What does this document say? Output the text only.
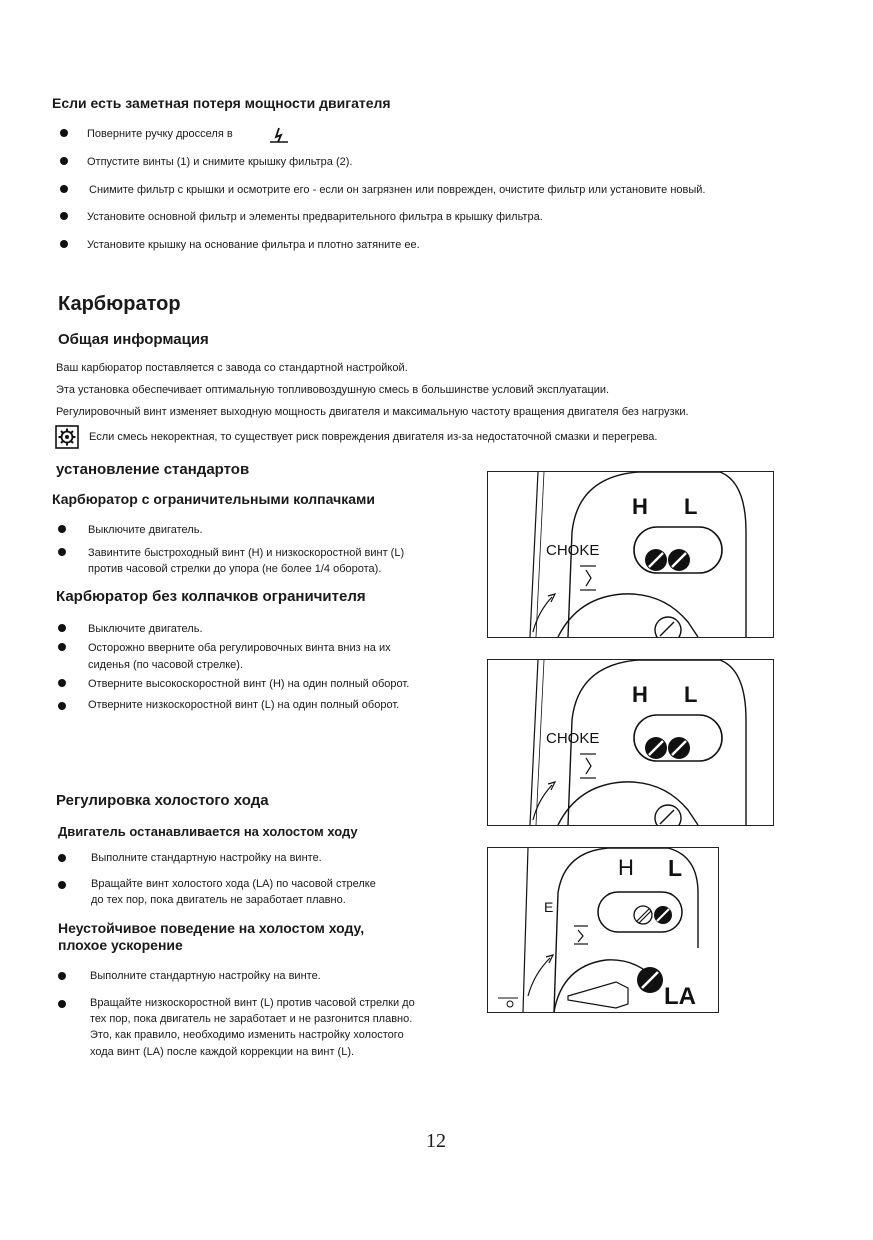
Если есть заметная потеря мощности двигателя
Поверните ручку дросселя в
Отпустите винты (1) и снимите крышку фильтра (2).
Снимите фильтр с крышки и осмотрите его - если он загрязнен или поврежден, очистите фильтр или установите новый.
Установите основной фильтр и элементы предварительного фильтра в крышку фильтра.
Установите крышку на основание фильтра и плотно затяните ее.
Карбюратор
Общая информация
Ваш карбюратор поставляется с завода со стандартной настройкой.
Эта установка обеспечивает оптимальную топливовоздушную смесь в большинстве условий эксплуатации.
Регулировочный винт изменяет выходную мощность двигателя и максимальную частоту вращения двигателя без нагрузки.
Если смесь некоректная, то существует риск повреждения двигателя из-за недостаточной смазки и перегрева.
установление стандартов
Карбюратор с ограничительными колпачками
Выключите двигатель.
Завинтите быстроходный винт (H) и низкоскоростной винт (L)
против часовой стрелки до упора (не более 1/4 оборота).
Карбюратор без колпачков ограничителя
Выключите двигатель.
Осторожно вверните оба регулировочных винта вниз на их
сиденья (по часовой стрелке).
Отверните высокоскоростной винт (H) на один полный оборот.
Отверните низкоскоростной винт (L) на один полный оборот.
Регулировка холостого хода
Двигатель останавливается на холостом ходу
Выполните стандартную настройку на винте.
Вращайте винт холостого хода (LA) по часовой стрелке
до тех пор, пока двигатель не заработает плавно.
Неустойчивое поведение на холостом ходу,
плохое ускорение
Выполните стандартную настройку на винте.
Вращайте низкоскоростной винт (L) против часовой стрелки до
тех пор, пока двигатель не заработает и не разгонится плавно.
Это, как правило, необходимо изменить настройку холостого
хода винт (LA) после каждой коррекции на винт (L).
H L
CHOKE
H L
CHOKE
H L
E
LA
12
